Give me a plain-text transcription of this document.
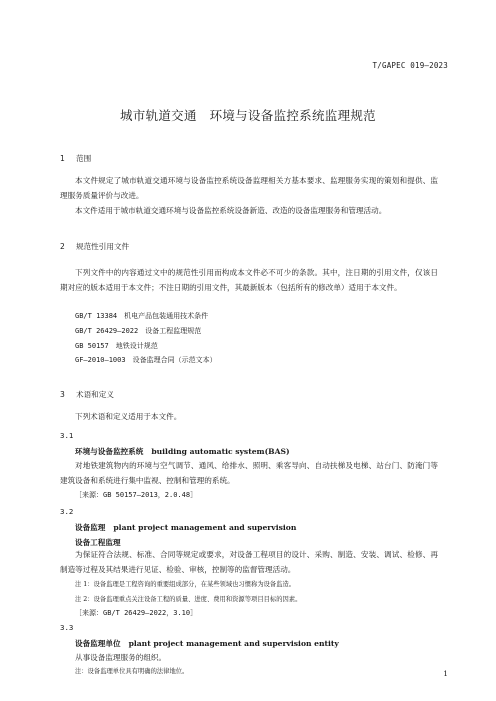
T/GAPEC 019—2023
城市轨道交通　环境与设备监控系统监理规范
1 范围

本文件规定了城市轨道交通环境与设备监控系统设备监理相关方基本要求、监理服务实现的策划和提供、监理服务质量评价与改进。

本文件适用于城市轨道交通环境与设备监控系统设备新造、改造的设备监理服务和管理活动。

2 规范性引用文件

下列文件中的内容通过文中的规范性引用而构成本文件必不可少的条款。其中，注日期的引用文件，仅该日期对应的版本适用于本文件；不注日期的引用文件，其最新版本（包括所有的修改单）适用于本文件。

GB/T 13384　机电产品包装通用技术条件
GB/T 26429—2022　设备工程监理规范
GB 50157　地铁设计规范
GF—2010—1003　设备监理合同（示范文本）
3 术语和定义

下列术语和定义适用于本文件。

3.1
环境与设备监控系统 building automatic system(BAS)

对地铁建筑物内的环境与空气调节、通风、给排水、照明、乘客导向、自动扶梯及电梯、站台门、防淹门等建筑设备和系统进行集中监视、控制和管理的系统。

［来源：GB 50157—2013，2.0.48］
3.2
设备监理 plant project management and supervision
设备工程监理

为保证符合法规、标准、合同等规定或要求，对设备工程项目的设计、采购、制造、安装、调试、检修、再制造等过程及其结果进行见证、检验、审核，控制等的监督管理活动。

注 1：设备监理是工程咨询的重要组成部分，在某些领域也习惯称为设备监造。
注 2：设备监理重点关注设备工程的质量、进度、费用和资源等项目目标的因素。
［来源：GB/T 26429—2022，3.10］
3.3
设备监理单位 plant project management and supervision entity
从事设备监理服务的组织。
注：设备监理单位具有明确的法律地位。	1
